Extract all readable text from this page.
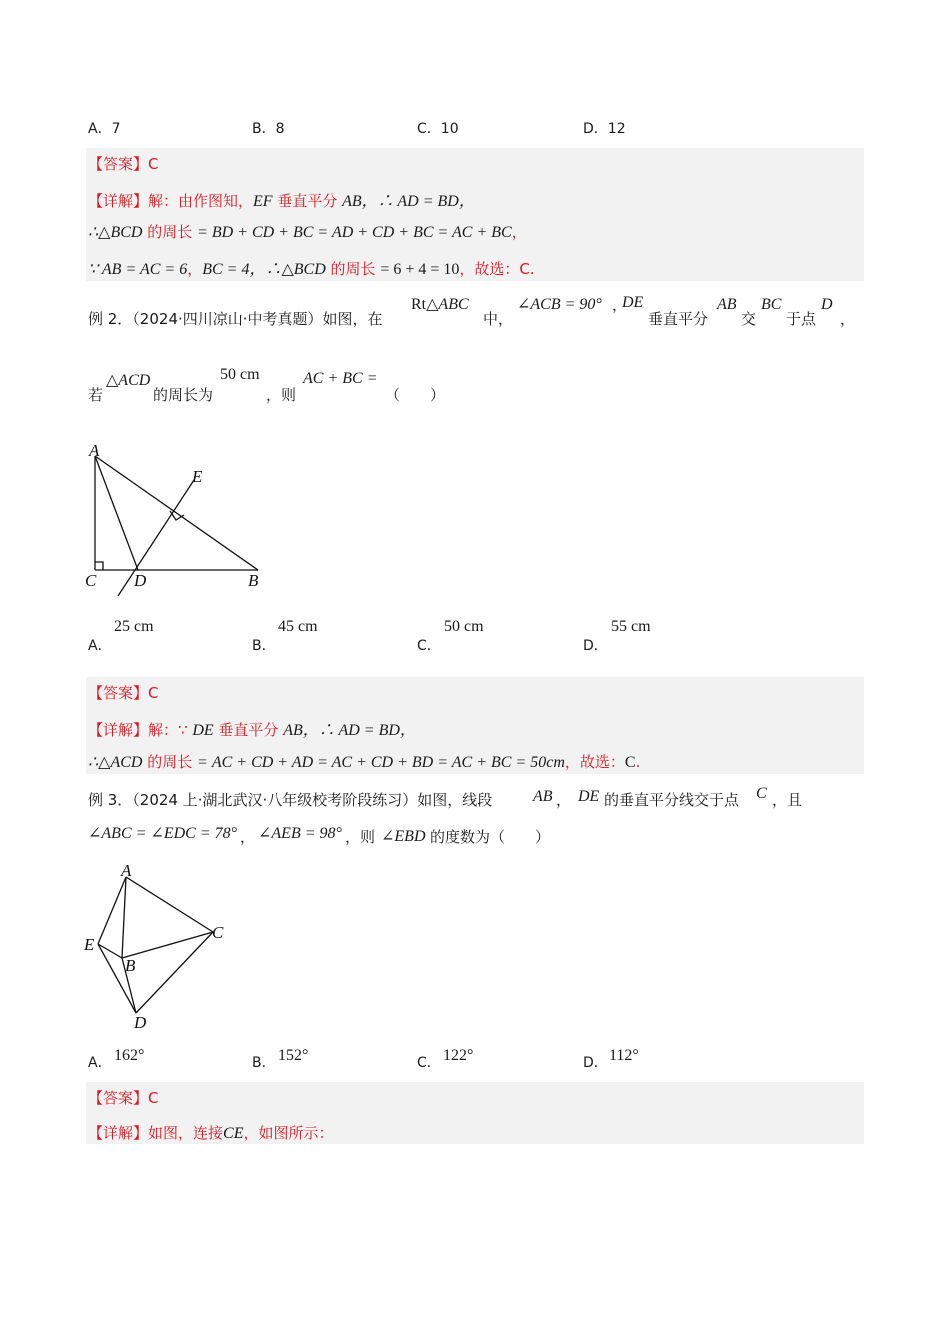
A．7	B．8	C．10	D．12
【答案】C
【详解】解：由作图知，EF 垂直平分 AB，∴ AD = BD，
∴△BCD 的周长 = BD + CD + BC = AD + CD + BC = AC + BC，
∵ AB = AC = 6，BC = 4，∴△BCD 的周长 = 6 + 4 = 10，故选：C.
例 2．（2024·四川凉山·中考真题）如图，在
Rt△ABC
中，
∠ACB = 90° ，
DE
垂直平分
AB
交
BC
于点
D
，
若
△ACD
的周长为
50 cm
，则
AC + BC =
（　　）
A
E
C D	B
A．
25 cm
B．
45 cm
C．
50 cm
D．
55 cm
【答案】C
【详解】解：∵ DE 垂直平分 AB，∴ AD = BD，
∴△ACD 的周长 = AC + CD + AD = AC + CD + BD = AC + BC = 50cm，故选：C.
例 3．（2024 上·湖北武汉·八年级校考阶段练习）如图，线段	AB ， DE 的垂直平分线交于点 C ，且
∠ABC = ∠EDC = 78° ， ∠AEB = 98° ，则 ∠EBD 的度数为（　　）
A
C
E
B
D
A． 162°	B． 152°	C． 122°	D． 112°
【答案】C
【详解】如图，连接CE，如图所示：
